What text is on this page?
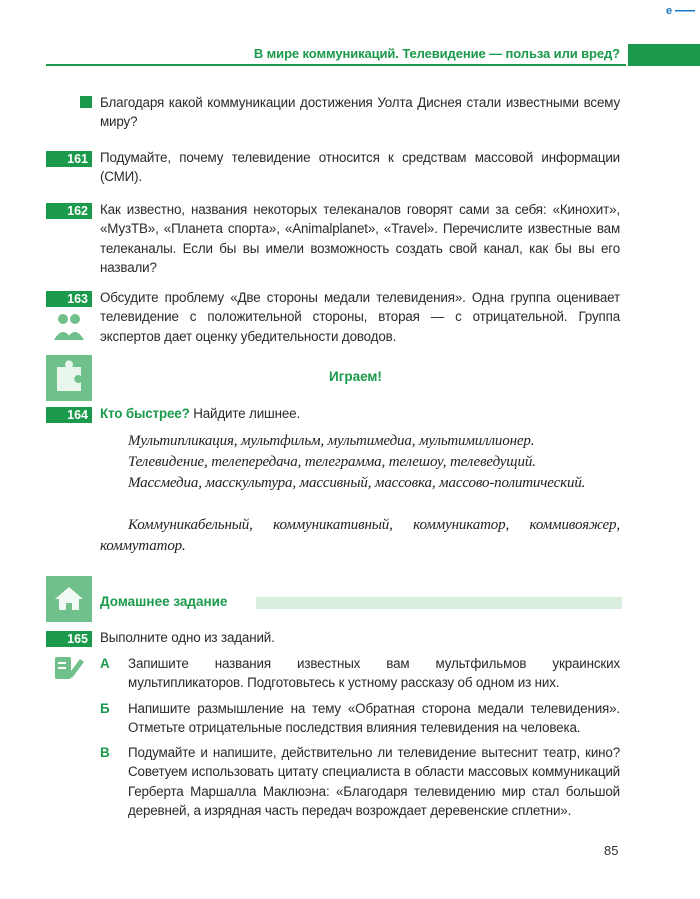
e
В мире коммуникаций. Телевидение — польза или вред?
Благодаря какой коммуникации достижения Уолта Диснея стали известными всему миру?
161 Подумайте, почему телевидение относится к средствам массовой информации (СМИ).
162 Как известно, названия некоторых телеканалов говорят сами за себя: «Кинохит», «МузТВ», «Планета спорта», «Animalplanet», «Travel». Перечислите известные вам телеканалы. Если бы вы имели возможность создать свой канал, как бы вы его назвали?
163 Обсудите проблему «Две стороны медали телевидения». Одна группа оценивает телевидение с положительной стороны, вторая — с отрицательной. Группа экспертов дает оценку убедительности доводов.
Играем!
164 Кто быстрее? Найдите лишнее.
Мультипликация, мультфильм, мультимедиа, мультимиллионер.
Телевидение, телепередача, телеграмма, телешоу, телеведущий.
Массмедиа, масскультура, массивный, массовка, массово-политический.
Коммуникабельный, коммуникативный, коммуникатор, коммивояжер, коммутатор.
Домашнее задание
165 Выполните одно из заданий.
А Запишите названия известных вам мультфильмов украинских мультипликаторов. Подготовьтесь к устному рассказу об одном из них.
Б Напишите размышление на тему «Обратная сторона медали телевидения». Отметьте отрицательные последствия влияния телевидения на человека.
В Подумайте и напишите, действительно ли телевидение вытеснит театр, кино? Советуем использовать цитату специалиста в области массовых коммуникаций Герберта Маршалла Маклюэна: «Благодаря телевидению мир стал большой деревней, а изрядная часть передач возрождает деревенские сплетни».
85
